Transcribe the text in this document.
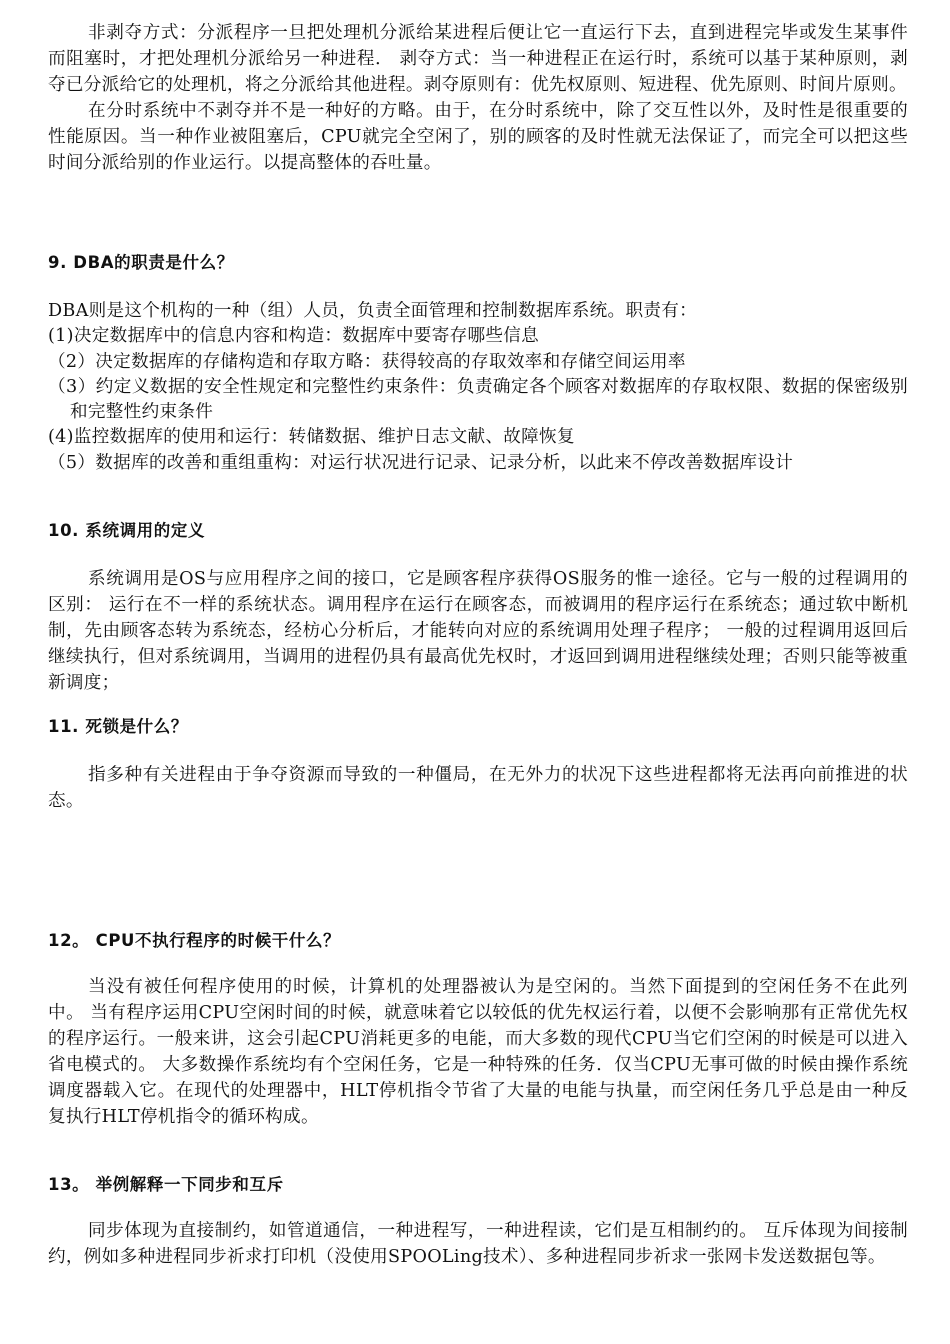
非剥夺方式：分派程序一旦把处理机分派给某进程后便让它一直运行下去，直到进程完毕或发生某事件而阻塞时，才把处理机分派给另一种进程． 剥夺方式：当一种进程正在运行时，系统可以基于某种原则，剥夺已分派给它的处理机，将之分派给其他进程。剥夺原则有：优先权原则、短进程、优先原则、时间片原则。

在分时系统中不剥夺并不是一种好的方略。由于，在分时系统中，除了交互性以外，及时性是很重要的性能原因。当一种作业被阻塞后，CPU就完全空闲了，别的顾客的及时性就无法保证了，而完全可以把这些时间分派给别的作业运行。以提高整体的吞吐量。

9. DBA的职责是什么？

DBA则是这个机构的一种（组）人员，负责全面管理和控制数据库系统。职责有：

(1)决定数据库中的信息内容和构造：数据库中要寄存哪些信息

（2）决定数据库的存储构造和存取方略：获得较高的存取效率和存储空间运用率

（3）约定义数据的安全性规定和完整性约束条件：负责确定各个顾客对数据库的存取权限、数据的保密级别和完整性约束条件

(4)监控数据库的使用和运行：转储数据、维护日志文献、故障恢复

（5）数据库的改善和重组重构：对运行状况进行记录、记录分析，以此来不停改善数据库设计

10. 系统调用的定义

系统调用是OS与应用程序之间的接口，它是顾客程序获得OS服务的惟一途径。它与一般的过程调用的区别： 运行在不一样的系统状态。调用程序在运行在顾客态，而被调用的程序运行在系统态；通过软中断机制，先由顾客态转为系统态，经枋心分析后，才能转向对应的系统调用处理子程序； 一般的过程调用返回后继续执行，但对系统调用，当调用的进程仍具有最高优先权时，才返回到调用进程继续处理；否则只能等被重新调度；

11. 死锁是什么？

指多种有关进程由于争夺资源而导致的一种僵局，在无外力的状况下这些进程都将无法再向前推进的状态。

12。 CPU不执行程序的时候干什么？

当没有被任何程序使用的时候，计算机的处理器被认为是空闲的。当然下面提到的空闲任务不在此列中。 当有程序运用CPU空闲时间的时候，就意味着它以较低的优先权运行着，以便不会影响那有正常优先权的程序运行。一般来讲，这会引起CPU消耗更多的电能，而大多数的现代CPU当它们空闲的时候是可以进入省电模式的。 大多数操作系统均有个空闲任务，它是一种特殊的任务．仅当CPU无事可做的时候由操作系统调度器载入它。在现代的处理器中，HLT停机指令节省了大量的电能与执量，而空闲任务几乎总是由一种反复执行HLT停机指令的循环构成。

13。 举例解释一下同步和互斥

同步体现为直接制约，如管道通信，一种进程写，一种进程读，它们是互相制约的。 互斥体现为间接制约，例如多种进程同步祈求打印机（没使用SPOOLing技术）、多种进程同步祈求一张网卡发送数据包等。
